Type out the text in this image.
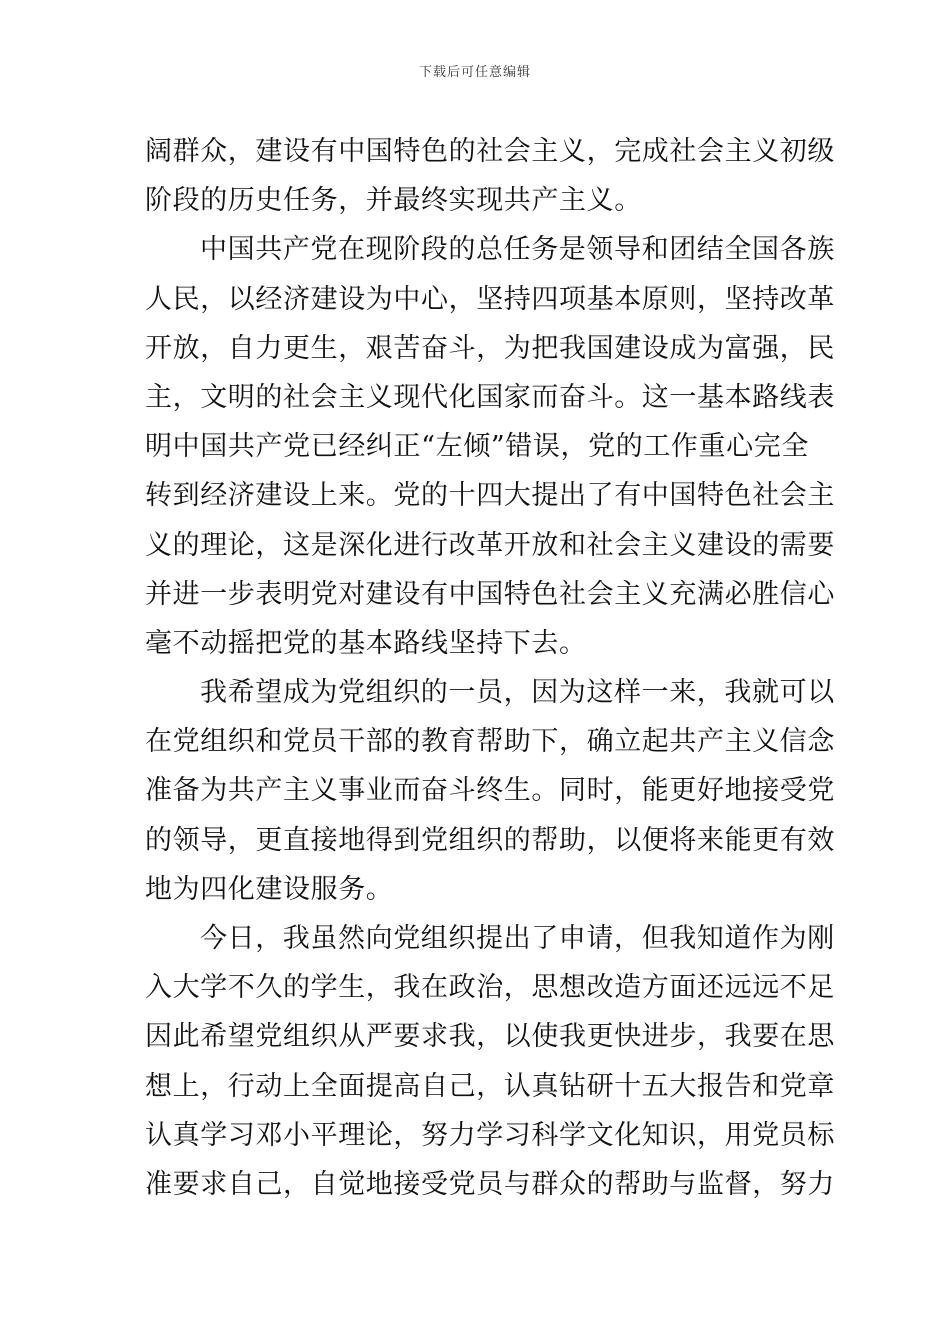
下载后可任意编辑
阔群众，建设有中国特色的社会主义，完成社会主义初级
阶段的历史任务，并最终实现共产主义。
中国共产党在现阶段的总任务是领导和团结全国各族
人民，以经济建设为中心，坚持四项基本原则，坚持改革
开放，自力更生，艰苦奋斗，为把我国建设成为富强，民
主，文明的社会主义现代化国家而奋斗。这一基本路线表
明中国共产党已经纠正“左倾”错误，党的工作重心完全
转到经济建设上来。党的十四大提出了有中国特色社会主
义的理论，这是深化进行改革开放和社会主义建设的需要
并进一步表明党对建设有中国特色社会主义充满必胜信心
毫不动摇把党的基本路线坚持下去。
我希望成为党组织的一员，因为这样一来，我就可以
在党组织和党员干部的教育帮助下，确立起共产主义信念
准备为共产主义事业而奋斗终生。同时，能更好地接受党
的领导，更直接地得到党组织的帮助，以便将来能更有效
地为四化建设服务。
今日，我虽然向党组织提出了申请，但我知道作为刚
入大学不久的学生，我在政治，思想改造方面还远远不足
因此希望党组织从严要求我，以使我更快进步，我要在思
想上，行动上全面提高自己，认真钻研十五大报告和党章
认真学习邓小平理论，努力学习科学文化知识，用党员标
准要求自己，自觉地接受党员与群众的帮助与监督，努力
